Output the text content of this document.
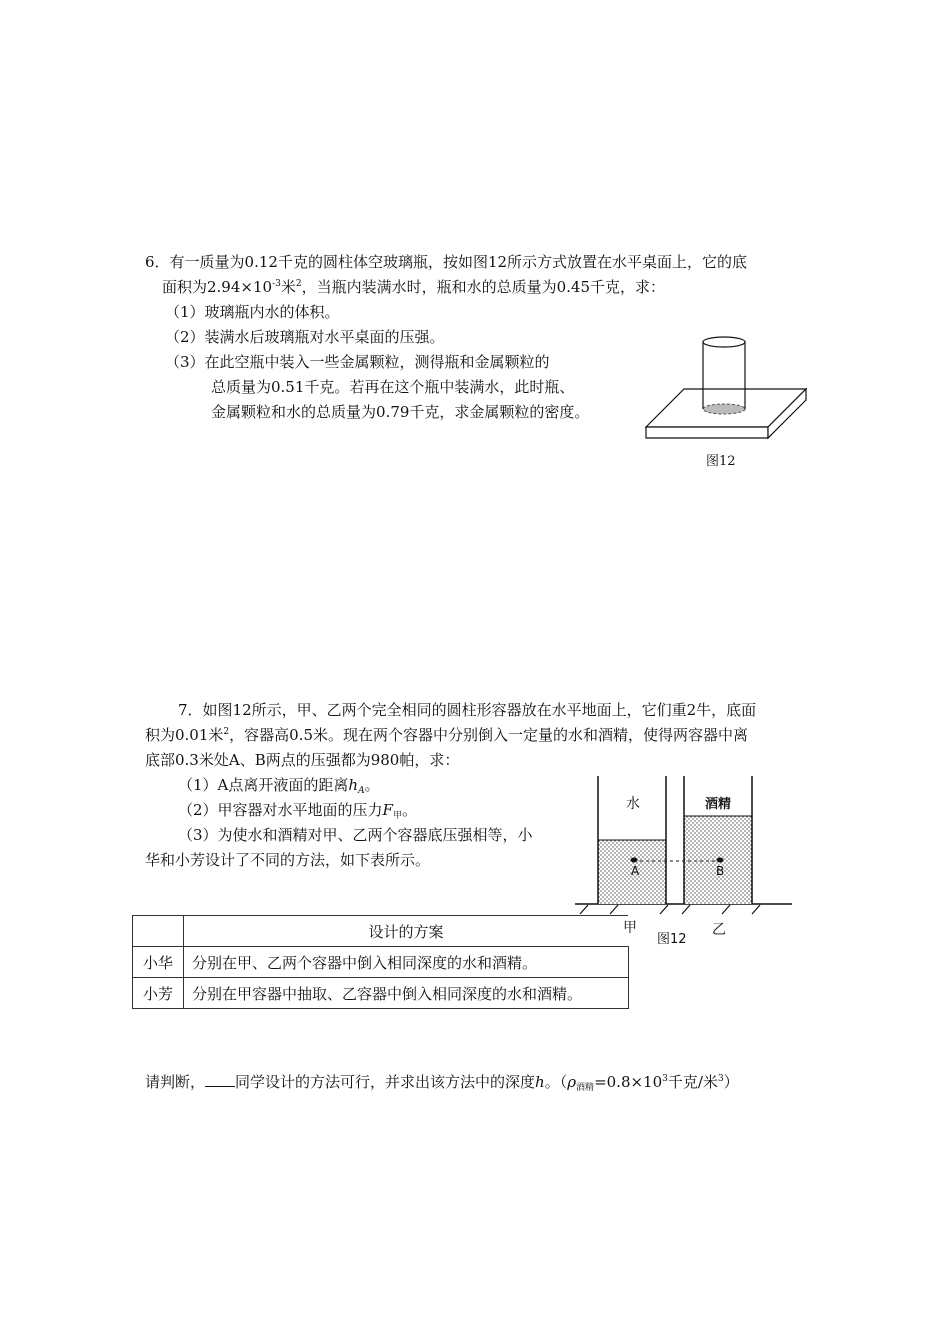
6．有一质量为0.12千克的圆柱体空玻璃瓶，按如图12所示方式放置在水平桌面上，它的底
面积为$2.94\times 10^{-3}$米$^2$，当瓶内装满水时，瓶和水的总质量为0.45千克，求：
（1）玻璃瓶内水的体积。
（2）装满水后玻璃瓶对水平桌面的压强。
（3）在此空瓶中装入一些金属颗粒，测得瓶和金属颗粒的
总质量为0.51千克。若再在这个瓶中装满水，此时瓶、
金属颗粒和水的总质量为0.79千克，求金属颗粒的密度。
图12
7．如图12所示，甲、乙两个完全相同的圆柱形容器放在水平地面上，它们重2牛，底面
积为0.01米$^2$，容器高0.5米。现在两个容器中分别倒入一定量的水和酒精，使得两容器中离
底部0.3米处A、B两点的压强都为980帕，求：
（1）A点离开液面的距离$h_A$。
（2）甲容器对水平地面的压力$F_甲$。
（3）为使水和酒精对甲、乙两个容器底压强相等，小
华和小芳设计了不同的方法，如下表所示。
水	酒精
A	B
甲	乙
图12
	设计的方案
小华	分别在甲、乙两个容器中倒入相同深度的水和酒精。
小芳	分别在甲容器中抽取、乙容器中倒入相同深度的水和酒精。
请判断， 同学设计的方法可行，并求出该方法中的深度h。（$\rho_{酒精}=0.8\times 10^3$千克/米$^3$）
